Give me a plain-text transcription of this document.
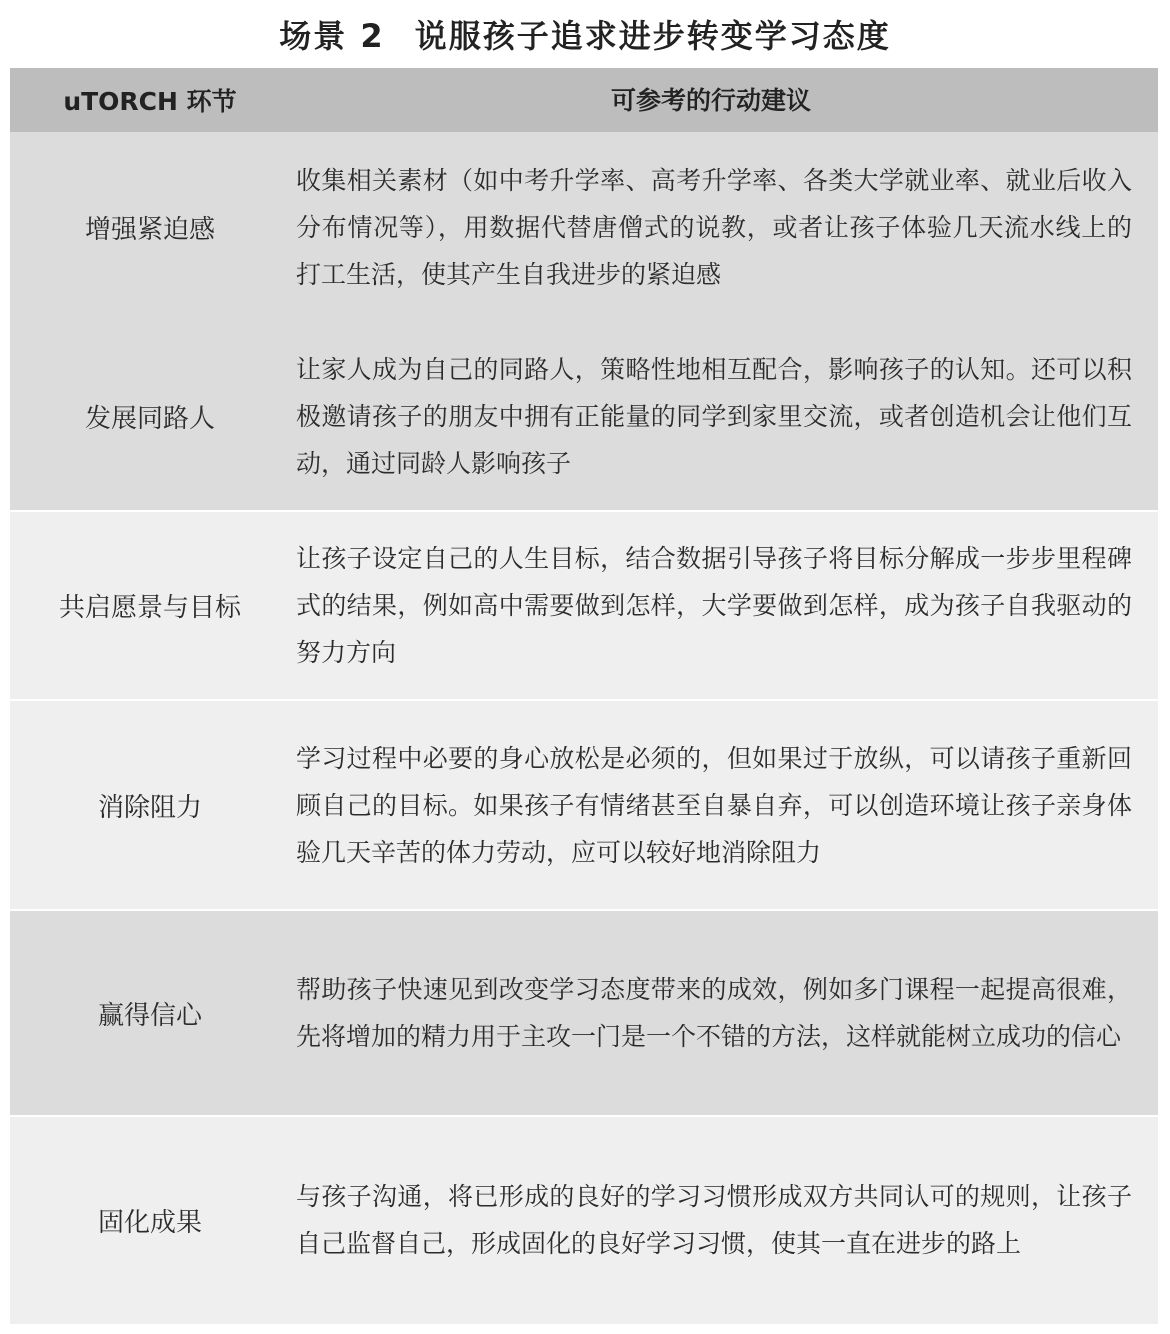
场景 2 说服孩子追求进步转变学习态度
uTORCH 环节	可参考的行动建议
增强紧迫感
收集相关素材（如中考升学率、高考升学率、各类大学就业率、就业后收入分布情况等），用数据代替唐僧式的说教，或者让孩子体验几天流水线上的打工生活，使其产生自我进步的紧迫感
发展同路人
让家人成为自己的同路人，策略性地相互配合，影响孩子的认知。还可以积极邀请孩子的朋友中拥有正能量的同学到家里交流，或者创造机会让他们互动，通过同龄人影响孩子
共启愿景与目标
让孩子设定自己的人生目标，结合数据引导孩子将目标分解成一步步里程碑式的结果，例如高中需要做到怎样，大学要做到怎样，成为孩子自我驱动的努力方向
消除阻力
学习过程中必要的身心放松是必须的，但如果过于放纵，可以请孩子重新回顾自己的目标。如果孩子有情绪甚至自暴自弃，可以创造环境让孩子亲身体验几天辛苦的体力劳动，应可以较好地消除阻力
赢得信心
帮助孩子快速见到改变学习态度带来的成效，例如多门课程一起提高很难，先将增加的精力用于主攻一门是一个不错的方法，这样就能树立成功的信心
固化成果
与孩子沟通，将已形成的良好的学习习惯形成双方共同认可的规则，让孩子自己监督自己，形成固化的良好学习习惯，使其一直在进步的路上
